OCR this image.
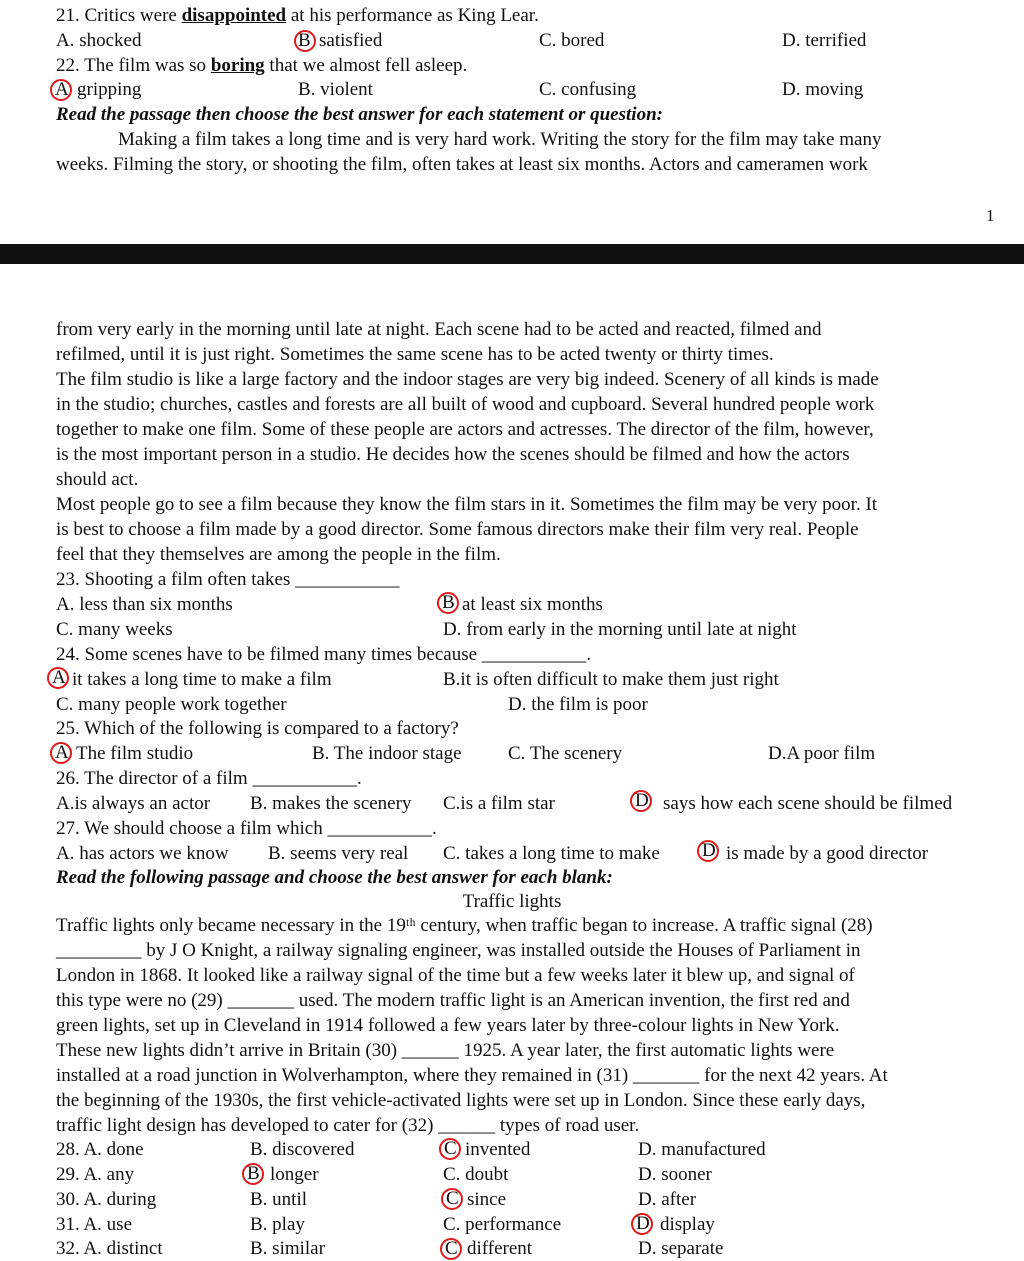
21. Critics were disappointed at his performance as King Lear.
A. shocked	B satisfied	C. bored	D. terrified
22. The film was so boring that we almost fell asleep.
A gripping	B. violent	C. confusing	D. moving
Read the passage then choose the best answer for each statement or question:
Making a film takes a long time and is very hard work. Writing the story for the film may take many
weeks. Filming the story, or shooting the film, often takes at least six months. Actors and cameramen work
1
from very early in the morning until late at night. Each scene had to be acted and reacted, filmed and
refilmed, until it is just right. Sometimes the same scene has to be acted twenty or thirty times.
The film studio is like a large factory and the indoor stages are very big indeed. Scenery of all kinds is made
in the studio; churches, castles and forests are all built of wood and cupboard. Several hundred people work
together to make one film. Some of these people are actors and actresses. The director of the film, however,
is the most important person in a studio. He decides how the scenes should be filmed and how the actors
should act.
Most people go to see a film because they know the film stars in it. Sometimes the film may be very poor. It
is best to choose a film made by a good director. Some famous directors make their film very real. People
feel that they themselves are among the people in the film.
23. Shooting a film often takes ___________
A. less than six months	B at least six months
C. many weeks	D. from early in the morning until late at night
24. Some scenes have to be filmed many times because ___________.
A it takes a long time to make a film	B.it is often difficult to make them just right
C. many people work together	D. the film is poor
25. Which of the following is compared to a factory?
A The film studio	B. The indoor stage C. The scenery	D.A poor film
26. The director of a film ___________.
A.is always an actor B. makes the scenery C.is a film star	D says how each scene should be filmed
27. We should choose a film which ___________.
A. has actors we know B. seems very real C. takes a long time to make D is made by a good director
Read the following passage and choose the best answer for each blank:
Traffic lights
Traffic lights only became necessary in the 19ᵗʰ century, when traffic began to increase. A traffic signal (28)
_________ by J O Knight, a railway signaling engineer, was installed outside the Houses of Parliament in
London in 1868. It looked like a railway signal of the time but a few weeks later it blew up, and signal of
this type were no (29) _______ used. The modern traffic light is an American invention, the first red and
green lights, set up in Cleveland in 1914 followed a few years later by three-colour lights in New York.
These new lights didn’t arrive in Britain (30) ______ 1925. A year later, the first automatic lights were
installed at a road junction in Wolverhampton, where they remained in (31) _______ for the next 42 years. At
the beginning of the 1930s, the first vehicle-activated lights were set up in London. Since these early days,
traffic light design has developed to cater for (32) ______ types of road user.
28. A. done	B. discovered	C invented	D. manufactured
29. A. any	B longer	C. doubt	D. sooner
30. A. during	B. until	C since	D. after
31. A. use	B. play	C. performance	D display
32. A. distinct	B. similar	C different	D. separate
